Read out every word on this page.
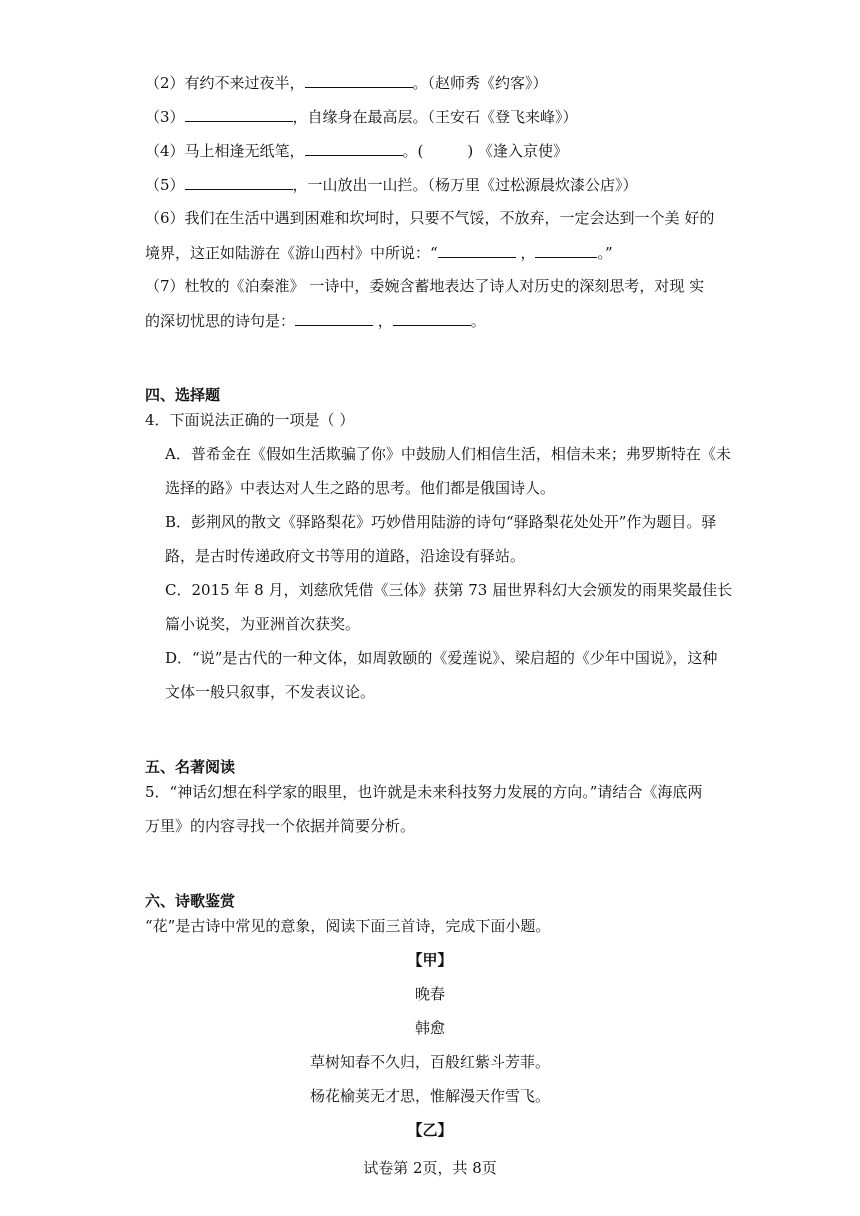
（2）有约不来过夜半，	。（赵师秀《约客》）
（3）	，自缘身在最高层。（王安石《登飞来峰》）
（4）马上相逢无纸笔，	。(	) 《逢入京使》
（5）	，一山放出一山拦。（杨万里《过松源晨炊漆公店》）
（6）我们在生活中遇到困难和坎坷时，只要不气馁，不放弃，一定会达到一个美 好的
境界，这正如陆游在《游山西村》中所说：“	，	。”
（7）杜牧的《泊秦淮》 一诗中，委婉含蓄地表达了诗人对历史的深刻思考，对现 实
的深切忧思的诗句是：	，	。
四、选择题
4．下面说法正确的一项是（ ）
A．普希金在《假如生活欺骗了你》中鼓励人们相信生活，相信未来；弗罗斯特在《未
选择的路》中表达对人生之路的思考。他们都是俄国诗人。
B．彭荆风的散文《驿路梨花》巧妙借用陆游的诗句“驿路梨花处处开”作为题目。驿
路，是古时传递政府文书等用的道路，沿途设有驿站。
C．2015 年 8 月，刘慈欣凭借《三体》获第 73 届世界科幻大会颁发的雨果奖最佳长
篇小说奖，为亚洲首次获奖。
D．“说”是古代的一种文体，如周敦颐的《爱莲说》、梁启超的《少年中国说》，这种
文体一般只叙事，不发表议论。
五、名著阅读
5．“神话幻想在科学家的眼里，也许就是未来科技努力发展的方向。”请结合《海底两
万里》的内容寻找一个依据并简要分析。
六、诗歌鉴赏
“花”是古诗中常见的意象，阅读下面三首诗，完成下面小题。
【甲】
晚春
韩愈
草树知春不久归，百般红紫斗芳菲。
杨花榆荚无才思，惟解漫天作雪飞。
【乙】
试卷第 2页，共 8页
